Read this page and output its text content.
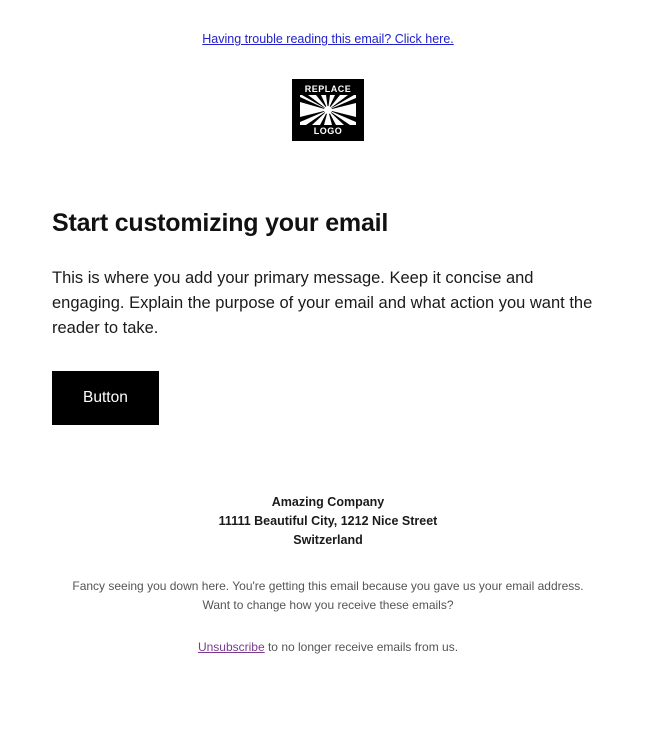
Having trouble reading this email? Click here.
REPLACE
LOGO
Start customizing your email

This is where you add your primary message. Keep it concise and engaging. Explain the purpose of your email and what action you want the reader to take.

Button
Amazing Company
11111 Beautiful City, 1212 Nice Street
Switzerland
Fancy seeing you down here. You're getting this email because you gave us your email address.
Want to change how you receive these emails?
Unsubscribe to no longer receive emails from us.
